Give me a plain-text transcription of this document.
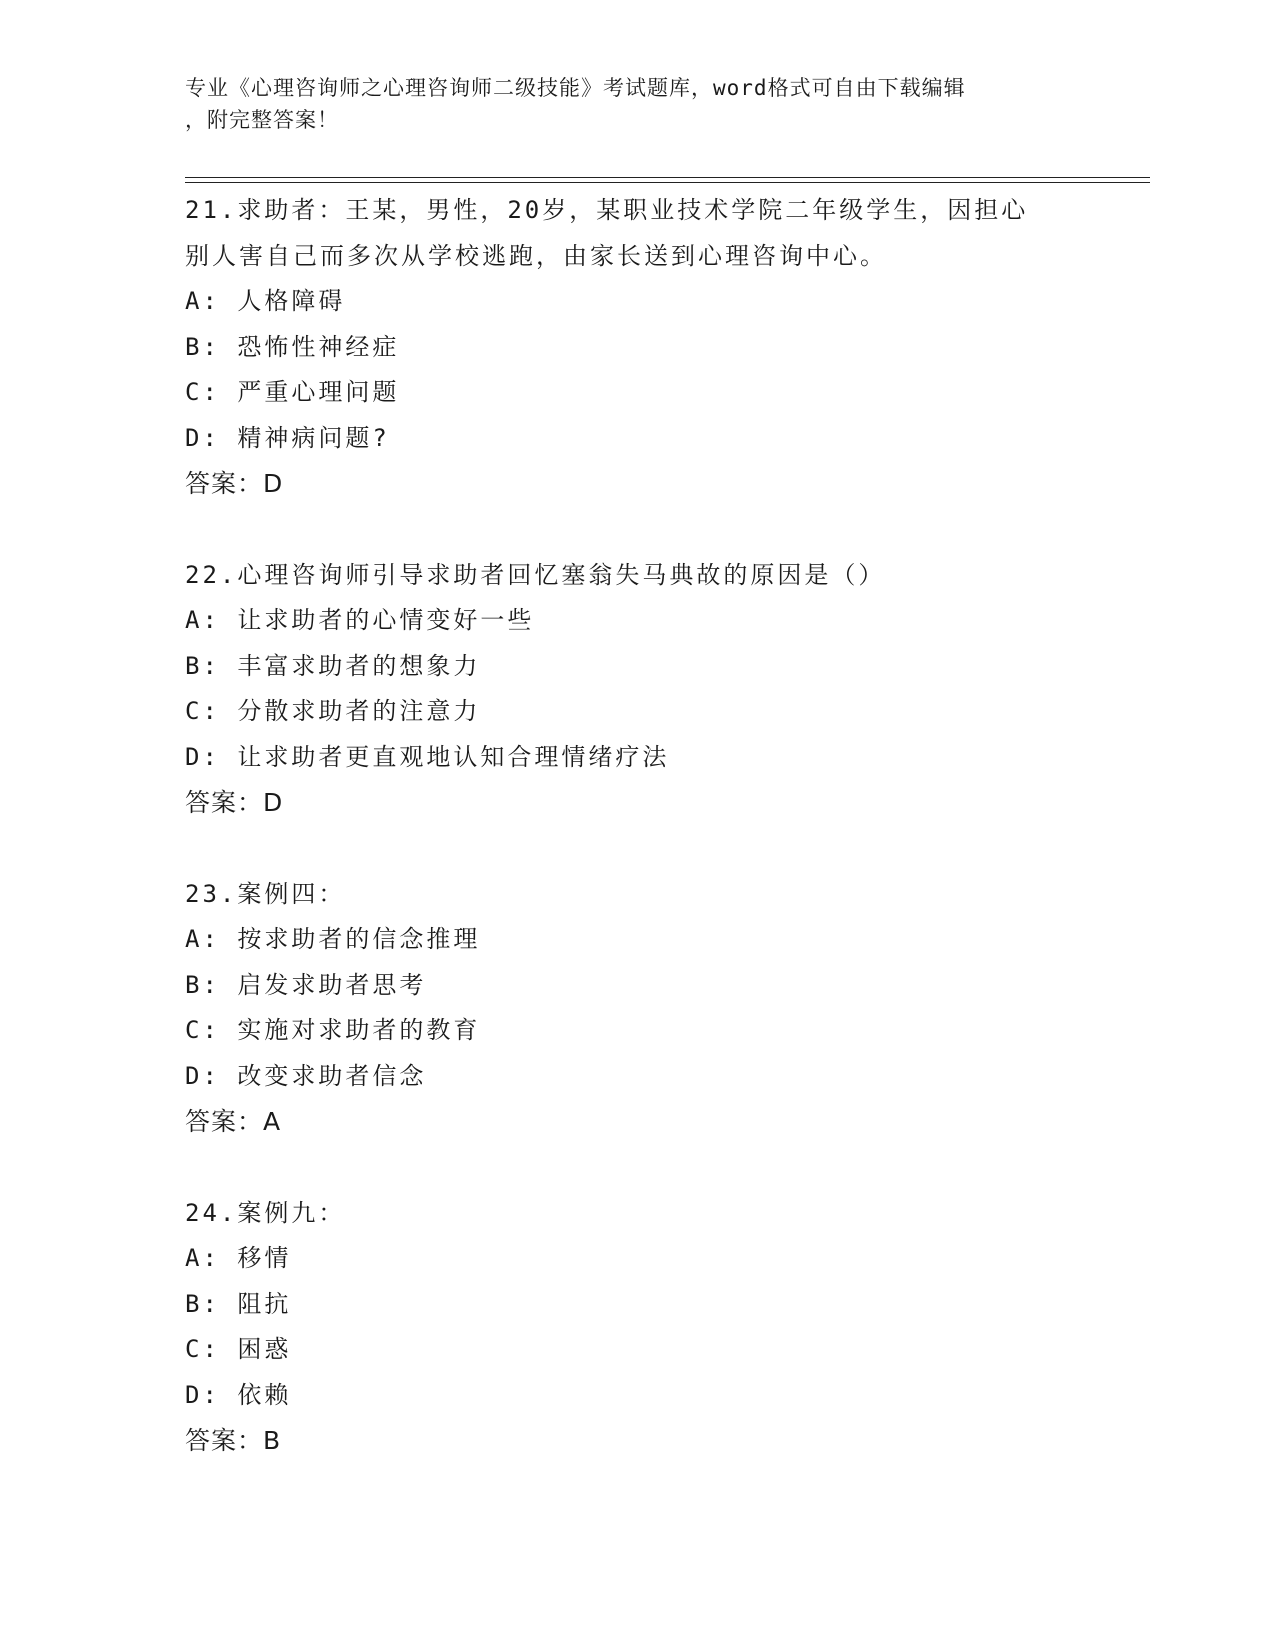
专业《心理咨询师之心理咨询师二级技能》考试题库，word格式可自由下载编辑
，附完整答案！

21.求助者：王某，男性，20岁，某职业技术学院二年级学生，因担心
别人害自己而多次从学校逃跑，由家长送到心理咨询中心。

A: 人格障碍

B: 恐怖性神经症

C: 严重心理问题

D: 精神病问题?

答案：D

22.心理咨询师引导求助者回忆塞翁失马典故的原因是（）

A: 让求助者的心情变好一些

B: 丰富求助者的想象力

C: 分散求助者的注意力

D: 让求助者更直观地认知合理情绪疗法

答案：D

23.案例四：

A: 按求助者的信念推理

B: 启发求助者思考

C: 实施对求助者的教育

D: 改变求助者信念

答案：A

24.案例九：

A: 移情

B: 阻抗

C: 困惑

D: 依赖

答案：B
